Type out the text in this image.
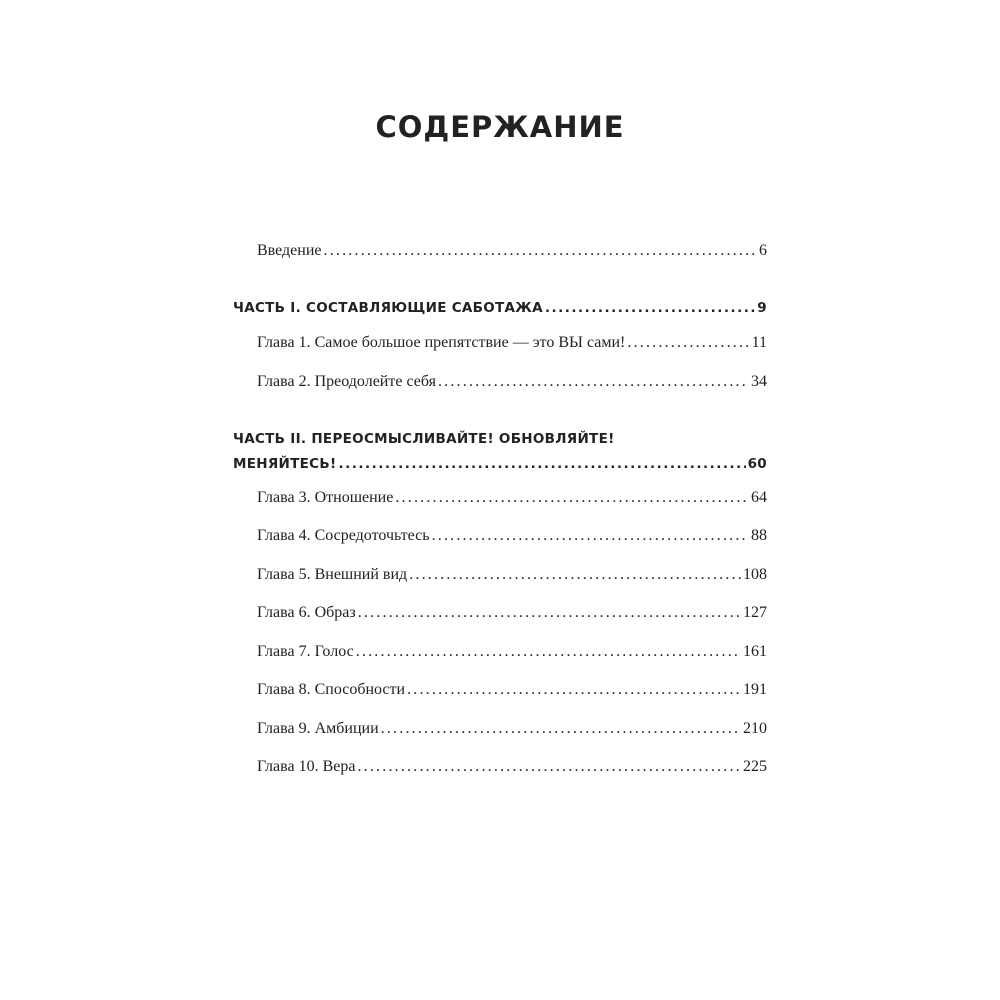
СОДЕРЖАНИЕ
Введение .....	6
ЧАСТЬ I. СОСТАВЛЯЮЩИЕ САБОТАЖА .....	9
Глава 1. Самое большое препятствие — это ВЫ сами! .....	11
Глава 2. Преодолейте себя .....	34
ЧАСТЬ II. ПЕРЕОСМЫСЛИВАЙТЕ! ОБНОВЛЯЙТЕ!
МЕНЯЙТЕСЬ! .....	60
Глава 3. Отношение .....	64
Глава 4. Сосредоточьтесь .....	88
Глава 5. Внешний вид .....	108
Глава 6. Образ .....	127
Глава 7. Голос .....	161
Глава 8. Способности .....	191
Глава 9. Амбиции .....	210
Глава 10. Вера .....	225
